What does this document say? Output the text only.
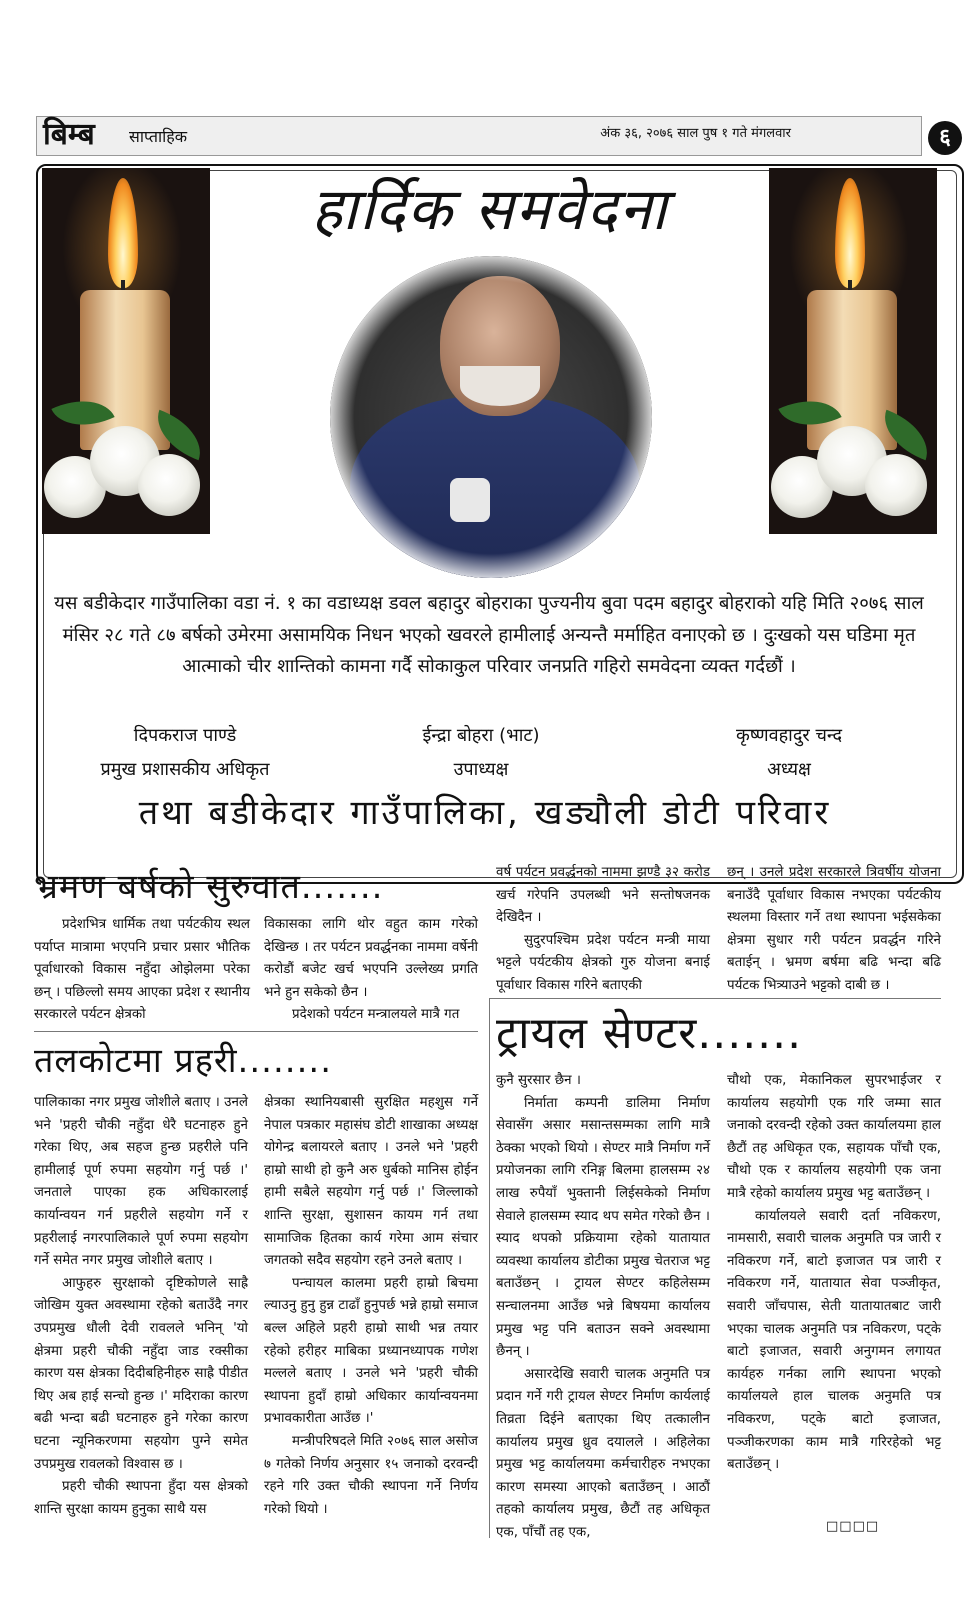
बिम्ब साप्ताहिक	अंक ३६, २०७६ साल पुष १ गते मंगलवार	६
हार्दिक समवेदना
यस बडीकेदार गाउँपालिका वडा नं. १ का वडाध्यक्ष डवल बहादुर बोहराका पुज्यनीय बुवा पदम बहादुर बोहराको यहि मिति २०७६ साल मंसिर २८ गते ८७ बर्षको उमेरमा असामयिक निधन भएको खवरले हामीलाई अन्यन्तै मर्माहित वनाएको छ । दुःखको यस घडिमा मृत आत्माको चीर शान्तिको कामना गर्दै सोकाकुल परिवार जनप्रति गहिरो समवेदना व्यक्त गर्दछौं ।
दिपकराज पाण्डे
प्रमुख प्रशासकीय अधिकृत
ईन्द्रा बोहरा (भाट)
उपाध्यक्ष
कृष्णवहादुर चन्द
अध्यक्ष
तथा बडीकेदार गाउँपालिका, खड्यौली डोटी परिवार
भ्रमण बर्षको सुरुवात.......

प्रदेशभित्र धार्मिक तथा पर्यटकीय स्थल पर्याप्त मात्रामा भएपनि प्रचार प्रसार भौतिक पूर्वाधारको विकास नहुँदा ओझेलमा परेका छन् । पछिल्लो समय आएका प्रदेश र स्थानीय सरकारले पर्यटन क्षेत्रको

विकासका लागि थोर वहुत काम गरेको देखिन्छ । तर पर्यटन प्रवर्द्धनका नाममा वर्षेनी करोडौं बजेट खर्च भएपनि उल्लेख्य प्रगति भने हुन सकेको छैन ।

प्रदेशको पर्यटन मन्त्रालयले मात्रै गत

वर्ष पर्यटन प्रवर्द्धनको नाममा झण्डै ३२ करोड खर्च गरेपनि उपलब्धी भने सन्तोषजनक देखिदैन ।

सुदुरपश्चिम प्रदेश पर्यटन मन्त्री माया भट्टले पर्यटकीय क्षेत्रको गुरु योजना बनाई पूर्वाधार विकास गरिने बताएकी

छन् । उनले प्रदेश सरकारले त्रिवर्षीय योजना बनाउँदै पूर्वाधार विकास नभएका पर्यटकीय स्थलमा विस्तार गर्ने तथा स्थापना भईसकेका क्षेत्रमा सुधार गरी पर्यटन प्रवर्द्धन गरिने बताईन् । भ्रमण बर्षमा बढि भन्दा बढि पर्यटक भित्र्याउने भट्टको दाबी छ ।

तलकोटमा प्रहरी........

पालिकाका नगर प्रमुख जोशीले बताए । उनले भने 'प्रहरी चौकी नहुँदा धेरै घटनाहरु हुने गरेका थिए, अब सहज हुन्छ प्रहरीले पनि हामीलाई पूर्ण रुपमा सहयोग गर्नु पर्छ ।' जनताले पाएका हक अधिकारलाई कार्यान्वयन गर्न प्रहरीले सहयोग गर्ने र प्रहरीलाई नगरपालिकाले पूर्ण रुपमा सहयोग गर्ने समेत नगर प्रमुख जोशीले बताए ।

आफुहरु सुरक्षाको दृष्टिकोणले साह्रै जोखिम युक्त अवस्थामा रहेको बताउँदै नगर उपप्रमुख धौली देवी रावलले भनिन् 'यो क्षेत्रमा प्रहरी चौकी नहुँदा जाड रक्सीका कारण यस क्षेत्रका दिदीबहिनीहरु साह्रै पीडीत थिए अब हाई सन्चो हुन्छ ।' मदिराका कारण बढी भन्दा बढी घटनाहरु हुने गरेका कारण घटना न्यूनिकरणमा सहयोग पुग्ने समेत उपप्रमुख रावलको विश्वास छ ।

प्रहरी चौकी स्थापना हुँदा यस क्षेत्रको शान्ति सुरक्षा कायम हुनुका साथै यस

क्षेत्रका स्थानियबासी सुरक्षित महशुस गर्ने नेपाल पत्रकार महासंघ डोटी शाखाका अध्यक्ष योगेन्द्र बलायरले बताए । उनले भने 'प्रहरी हाम्रो साथी हो कुनै अरु धुर्बको मानिस होईन हामी सबैले सहयोग गर्नु पर्छ ।' जिल्लाको शान्ति सुरक्षा, सुशासन कायम गर्न तथा सामाजिक हितका कार्य गरेमा आम संचार जगतको सदैव सहयोग रहने उनले बताए ।

पन्चायल कालमा प्रहरी हाम्रो बिचमा ल्याउनु हुनु हुन्न टाढाँ हुनुपर्छ भन्ने हाम्रो समाज बल्ल अहिले प्रहरी हाम्रो साथी भन्न तयार रहेको हरीहर माबिका प्रध्यानध्यापक गणेश मल्लले बताए । उनले भने 'प्रहरी चौकी स्थापना हुदाँ हाम्रो अधिकार कार्यान्वयनमा प्रभावकारीता आउँछ ।'

मन्त्रीपरिषदले मिति २०७६ साल असोज ७ गतेको निर्णय अनुसार १५ जनाको दरवन्दी रहने गरि उक्त चौकी स्थापना गर्ने निर्णय गरेको थियो ।

ट्रायल सेण्टर.......

कुनै सुरसार छैन ।

निर्माता कम्पनी डालिमा निर्माण सेवासँग असार मसान्तसम्मका लागि मात्रै ठेक्का भएको थियो । सेण्टर मात्रै निर्माण गर्ने प्रयोजनका लागि रनिङ्ग बिलमा हालसम्म २४ लाख रुपैयाँ भुक्तानी लिईसकेको निर्माण सेवाले हालसम्म स्याद थप समेत गरेको छैन । स्याद थपको प्रक्रियामा रहेको यातायात व्यवस्था कार्यालय डोटीका प्रमुख चेतराज भट्ट बताउँछन् । ट्रायल सेण्टर कहिलेसम्म सन्चालनमा आउँछ भन्ने बिषयमा कार्यालय प्रमुख भट्ट पनि बताउन सक्ने अवस्थामा छैनन् ।

असारदेखि सवारी चालक अनुमति पत्र प्रदान गर्ने गरी ट्रायल सेण्टर निर्माण कार्यलाई तिव्रता दिईने बताएका थिए तत्कालीन कार्यालय प्रमुख ध्रुव दयालले । अहिलेका प्रमुख भट्ट कार्यालयमा कर्मचारीहरु नभएका कारण समस्या आएको बताउँछन् । आठौं तहको कार्यालय प्रमुख, छैटौं तह अधिकृत एक, पाँचौं तह एक,

चौथो एक, मेकानिकल सुपरभाईजर र कार्यालय सहयोगी एक गरि जम्मा सात जनाको दरवन्दी रहेको उक्त कार्यालयमा हाल छैटौं तह अधिकृत एक, सहायक पाँचौ एक, चौथो एक र कार्यालय सहयोगी एक जना मात्रै रहेको कार्यालय प्रमुख भट्ट बताउँछन् ।

कार्यालयले सवारी दर्ता नविकरण, नामसारी, सवारी चालक अनुमति पत्र जारी र नविकरण गर्ने, बाटो इजाजत पत्र जारी र नविकरण गर्ने, यातायात सेवा पञ्जीकृत, सवारी जाँचपास, सेती यातायातबाट जारी भएका चालक अनुमति पत्र नविकरण, पट्के बाटो इजाजत, सवारी अनुगमन लगायत कार्यहरु गर्नका लागि स्थापना भएको कार्यालयले हाल चालक अनुमति पत्र नविकरण, पट्के बाटो इजाजत, पञ्जीकरणका काम मात्रै गरिरहेको भट्ट बताउँछन् ।

□□□□
